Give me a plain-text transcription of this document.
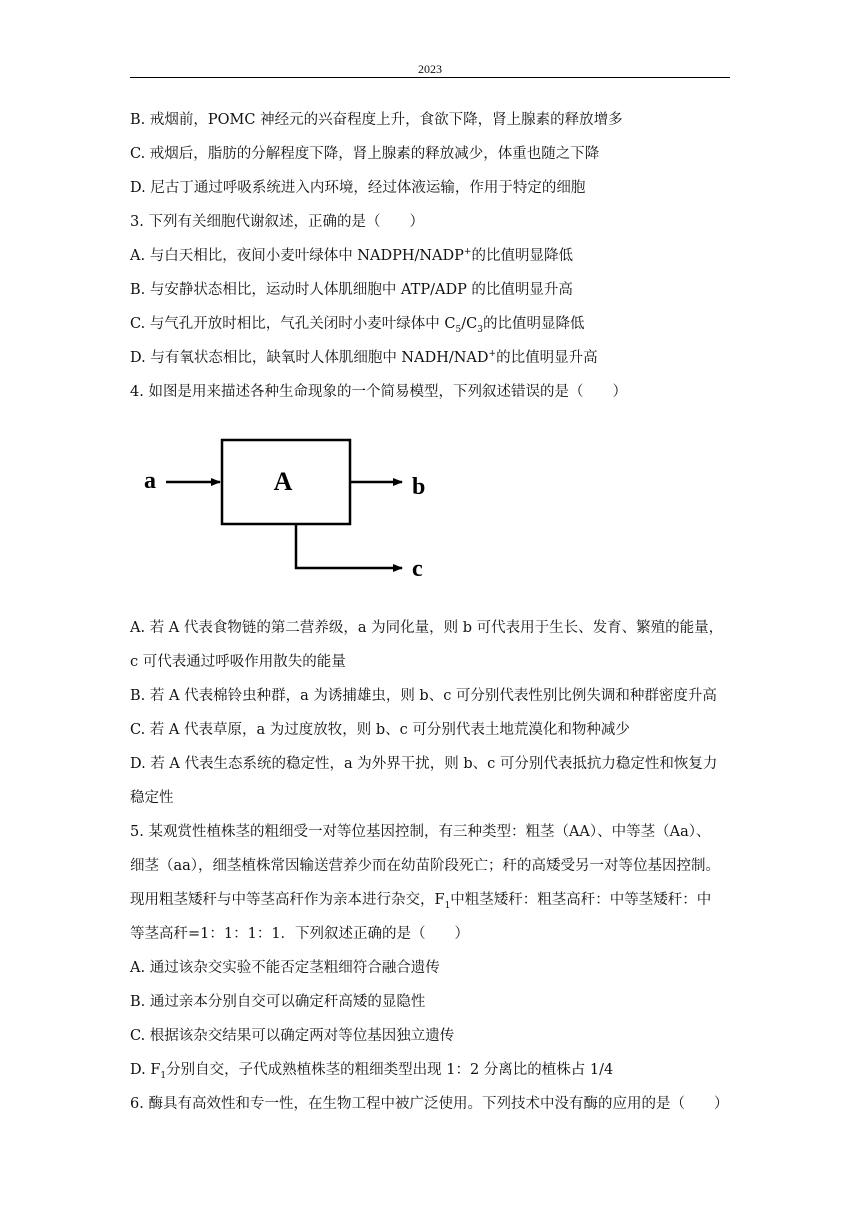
2023
B. 戒烟前，POMC 神经元的兴奋程度上升，食欲下降，肾上腺素的释放增多
C. 戒烟后，脂肪的分解程度下降，肾上腺素的释放减少，体重也随之下降
D. 尼古丁通过呼吸系统进入内环境，经过体液运输，作用于特定的细胞
3. 下列有关细胞代谢叙述，正确的是（　　）
A. 与白天相比，夜间小麦叶绿体中 NADPH/NADP+的比值明显降低
B. 与安静状态相比，运动时人体肌细胞中 ATP/ADP 的比值明显升高
C. 与气孔开放时相比，气孔关闭时小麦叶绿体中 $C_5/C_3$的比值明显降低
D. 与有氧状态相比，缺氧时人体肌细胞中 NADH/NAD+的比值明显升高
4. 如图是用来描述各种生命现象的一个简易模型，下列叙述错误的是（　　）
A
a	b
c
A. 若 A 代表食物链的第二营养级，a 为同化量，则 b 可代表用于生长、发育、繁殖的能量，
c 可代表通过呼吸作用散失的能量
B. 若 A 代表棉铃虫种群，a 为诱捕雄虫，则 b、c 可分别代表性别比例失调和种群密度升高
C. 若 A 代表草原，a 为过度放牧，则 b、c 可分别代表土地荒漠化和物种减少
D. 若 A 代表生态系统的稳定性，a 为外界干扰，则 b、c 可分别代表抵抗力稳定性和恢复力
稳定性
5. 某观赏性植株茎的粗细受一对等位基因控制，有三种类型：粗茎（AA）、中等茎（Aa）、
细茎（aa），细茎植株常因输送营养少而在幼苗阶段死亡；秆的高矮受另一对等位基因控制。
现用粗茎矮秆与中等茎高秆作为亲本进行杂交，$F_1$中粗茎矮秆：粗茎高秆：中等茎矮秆：中
等茎高秆=1：1：1：1．下列叙述正确的是（　　）
A. 通过该杂交实验不能否定茎粗细符合融合遗传
B. 通过亲本分别自交可以确定秆高矮的显隐性
C. 根据该杂交结果可以确定两对等位基因独立遗传
D. $F_1$分别自交，子代成熟植株茎的粗细类型出现 1：2 分离比的植株占 1/4
6. 酶具有高效性和专一性，在生物工程中被广泛使用。下列技术中没有酶的应用的是（　　）
